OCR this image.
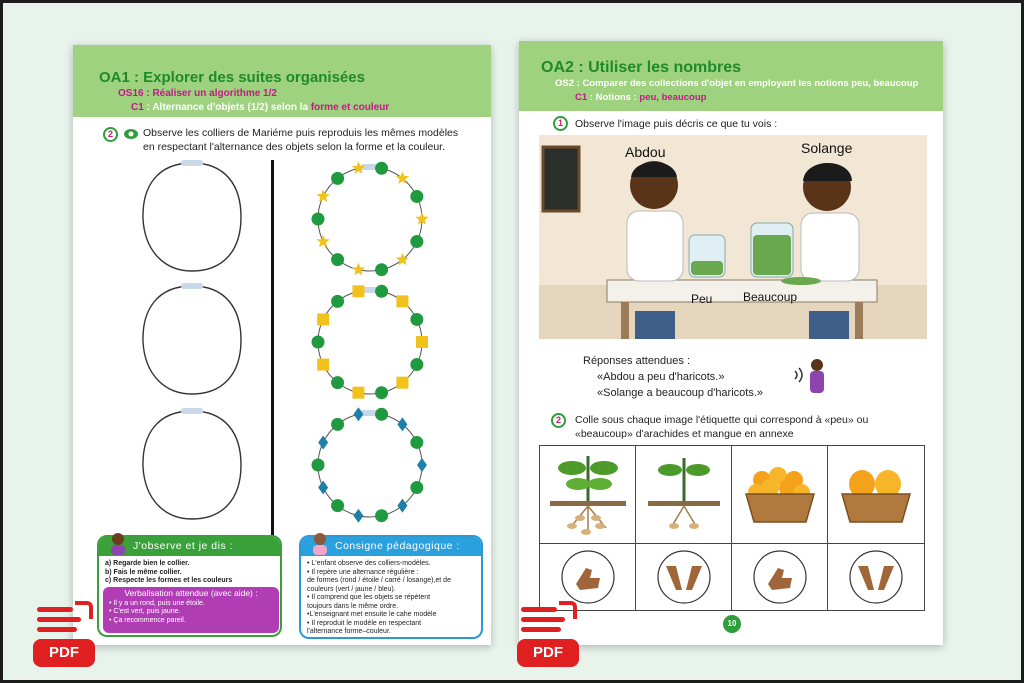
OA1 : Explorer des suites organisées
OS16 : Réaliser un algorithme 1/2
C1 : Alternance d'objets (1/2) selon la forme et couleur
2	Observe les colliers de Mariéme puis reproduis les mêmes modèles
en respectant l'alternance des objets selon la forme et la couleur.
J'observe et je dis :
a) Regarde bien le collier.
b) Fais le même collier.
c) Respecte les formes et les couleurs
Verbalisation attendue (avec aide) :
• Il y a un rond, puis une étoile.
• C'est vert, puis jaune.
• Ça recommence pareil.
Consigne pédagogique :
• L'enfant observe des colliers-modèles.
• Il repère une alternance régulière :
de formes (rond / étoile / carré / losange),et de
couleurs (vert / jaune / bleu).
• Il comprend que les objets se répètent
toujours dans le même ordre.
•L'enseignant met ensuite le cahe modèle
• Il reproduit le modèle en respectant
l'alternance forme–couleur.
OA2 : Utiliser les nombres
OS2 : Comparer des collections d'objet en employant les notions peu, beaucoup
C1 : Notions : peu, beaucoup
1	Observe l'image puis décris ce que tu vois :
Abdou	Solange
Peu	Beaucoup
Réponses attendues :
«Abdou a peu d'haricots.»
«Solange a beaucoup d'haricots.»
2	Colle sous chaque image l'étiquette qui correspond à «peu» ou
«beaucoup» d'arachides et mangue en annexe
10
PDF	PDF
